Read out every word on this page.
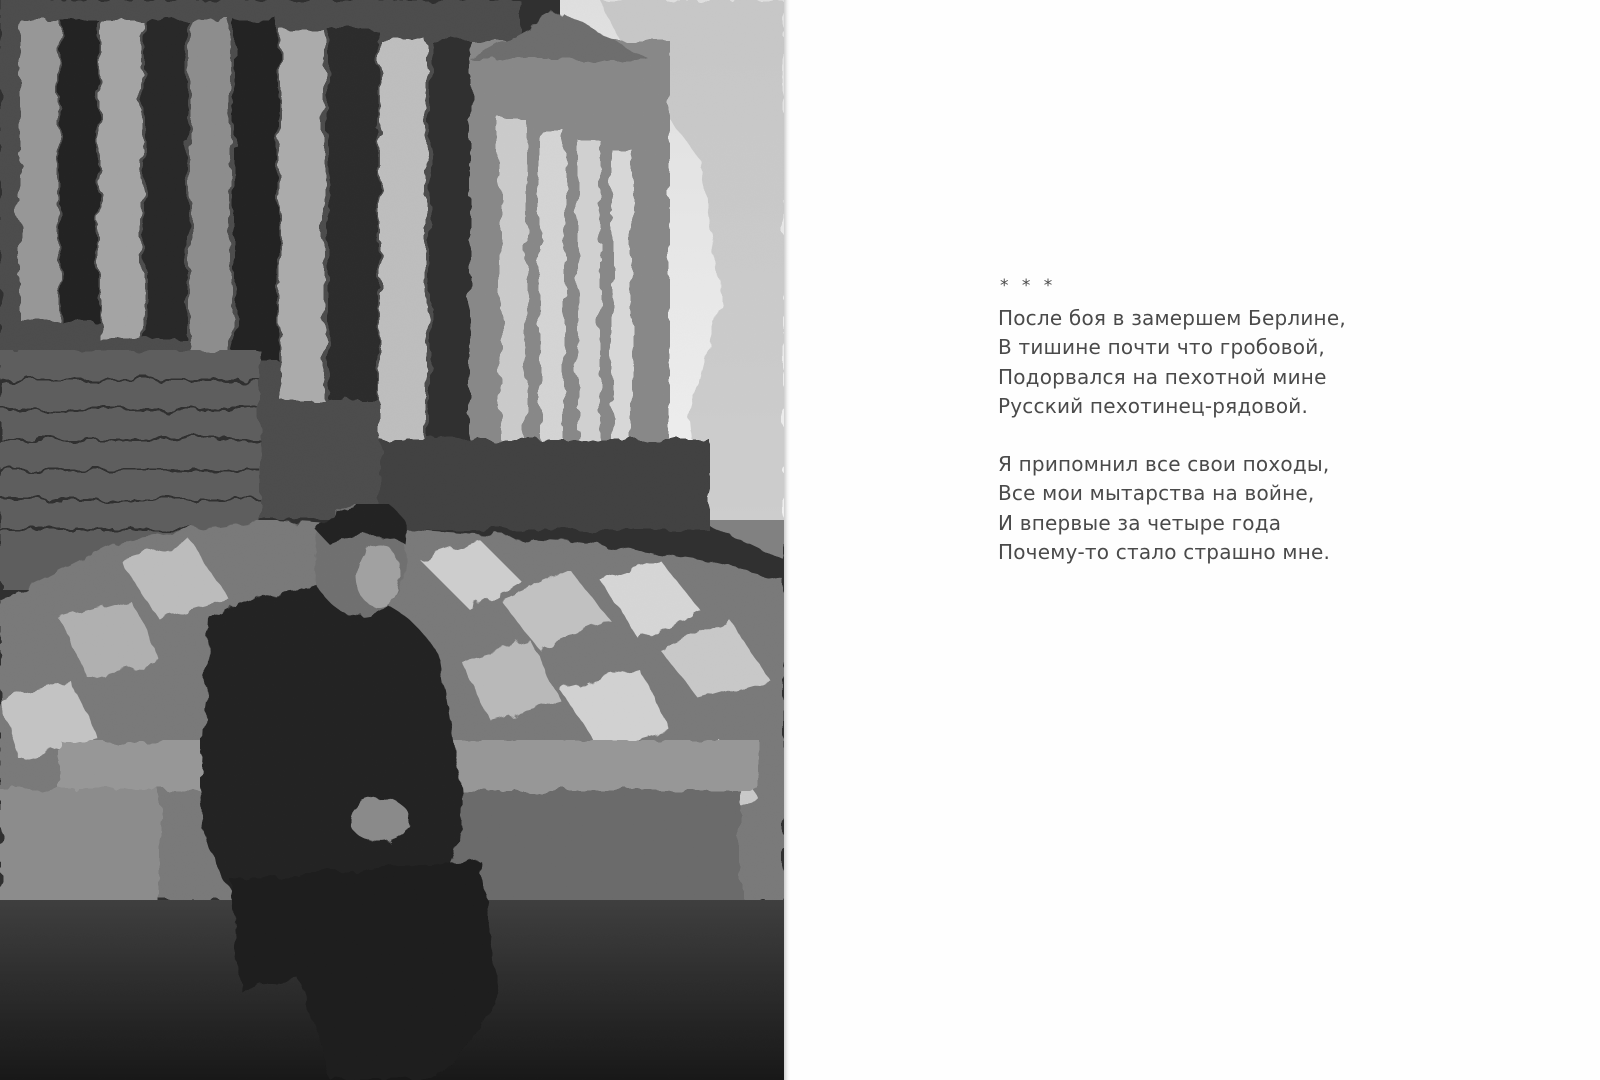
* * *
После боя в замершем Берлине,
В тишине почти что гробовой,
Подорвался на пехотной мине
Русский пехотинец-рядовой.
Я припомнил все свои походы,
Все мои мытарства на войне,
И впервые за четыре года
Почему-то стало страшно мне.
